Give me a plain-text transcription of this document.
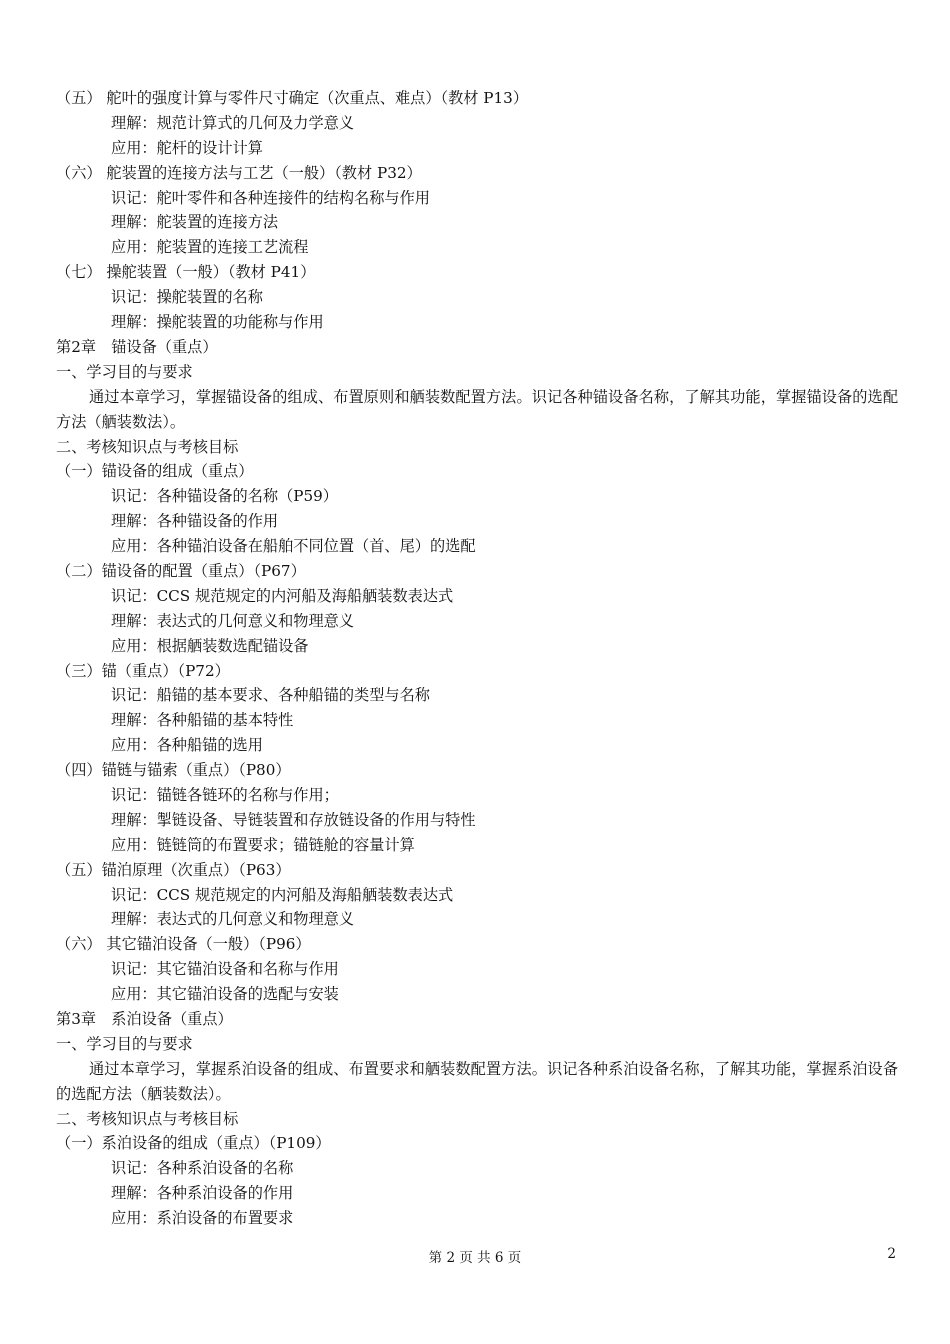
（五） 舵叶的强度计算与零件尺寸确定（次重点、难点）（教材 P13）
理解：规范计算式的几何及力学意义
应用：舵杆的设计计算
（六） 舵装置的连接方法与工艺（一般）（教材 P32）
识记：舵叶零件和各种连接件的结构名称与作用
理解：舵装置的连接方法
应用：舵装置的连接工艺流程
（七） 操舵装置（一般）（教材 P41）
识记：操舵装置的名称
理解：操舵装置的功能称与作用
第2章　锚设备（重点）
一、学习目的与要求
通过本章学习，掌握锚设备的组成、布置原则和舾装数配置方法。识记各种锚设备名称，了解其功能，掌握锚设备的选配方法（舾装数法）。
二、考核知识点与考核目标
（一）锚设备的组成（重点）
识记：各种锚设备的名称（P59）
理解：各种锚设备的作用
应用：各种锚泊设备在船舶不同位置（首、尾）的选配
（二）锚设备的配置（重点）（P67）
识记：CCS 规范规定的内河船及海船舾装数表达式
理解：表达式的几何意义和物理意义
应用：根据舾装数选配锚设备
（三）锚（重点）（P72）
识记：船锚的基本要求、各种船锚的类型与名称
理解：各种船锚的基本特性
应用：各种船锚的选用
（四）锚链与锚索（重点）（P80）
识记：锚链各链环的名称与作用；
理解：掣链设备、导链装置和存放链设备的作用与特性
应用：链链筒的布置要求；锚链舱的容量计算
（五）锚泊原理（次重点）（P63）
识记：CCS 规范规定的内河船及海船舾装数表达式
理解：表达式的几何意义和物理意义
（六） 其它锚泊设备（一般）（P96）
识记：其它锚泊设备和名称与作用
应用：其它锚泊设备的选配与安装
第3章　系泊设备（重点）
一、学习目的与要求
通过本章学习，掌握系泊设备的组成、布置要求和舾装数配置方法。识记各种系泊设备名称，了解其功能，掌握系泊设备的选配方法（舾装数法）。
二、考核知识点与考核目标
（一）系泊设备的组成（重点）（P109）
识记：各种系泊设备的名称
理解：各种系泊设备的作用
应用：系泊设备的布置要求
第 2 页 共 6 页	2
